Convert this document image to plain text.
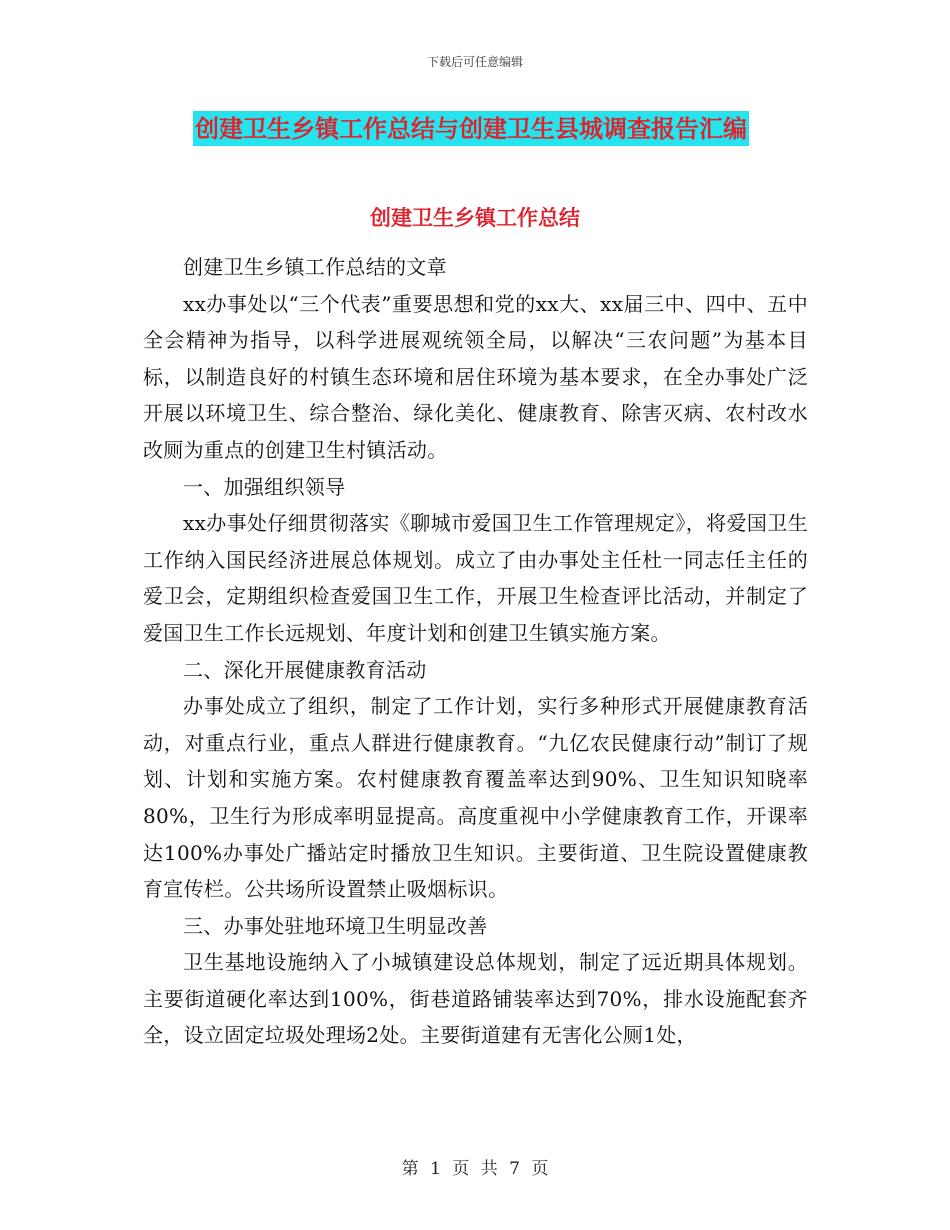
下载后可任意编辑
创建卫生乡镇工作总结与创建卫生县城调查报告汇编
创建卫生乡镇工作总结

创建卫生乡镇工作总结的文章

xx办事处以“三个代表”重要思想和党的xx大、xx届三中、四中、五中全会精神为指导，以科学进展观统领全局，以解决“三农问题”为基本目标，以制造良好的村镇生态环境和居住环境为基本要求，在全办事处广泛开展以环境卫生、综合整治、绿化美化、健康教育、除害灭病、农村改水改厕为重点的创建卫生村镇活动。

一、加强组织领导

xx办事处仔细贯彻落实《聊城市爱国卫生工作管理规定》，将爱国卫生工作纳入国民经济进展总体规划。成立了由办事处主任杜一同志任主任的爱卫会，定期组织检查爱国卫生工作，开展卫生检查评比活动，并制定了爱国卫生工作长远规划、年度计划和创建卫生镇实施方案。

二、深化开展健康教育活动

办事处成立了组织，制定了工作计划，实行多种形式开展健康教育活动，对重点行业，重点人群进行健康教育。“九亿农民健康行动”制订了规划、计划和实施方案。农村健康教育覆盖率达到90%、卫生知识知晓率80%，卫生行为形成率明显提高。高度重视中小学健康教育工作，开课率达100%办事处广播站定时播放卫生知识。主要街道、卫生院设置健康教育宣传栏。公共场所设置禁止吸烟标识。

三、办事处驻地环境卫生明显改善

卫生基地设施纳入了小城镇建设总体规划，制定了远近期具体规划。主要街道硬化率达到100%，街巷道路铺装率达到70%，排水设施配套齐全，设立固定垃圾处理场2处。主要街道建有无害化公厕1处，

第 1 页 共 7 页
